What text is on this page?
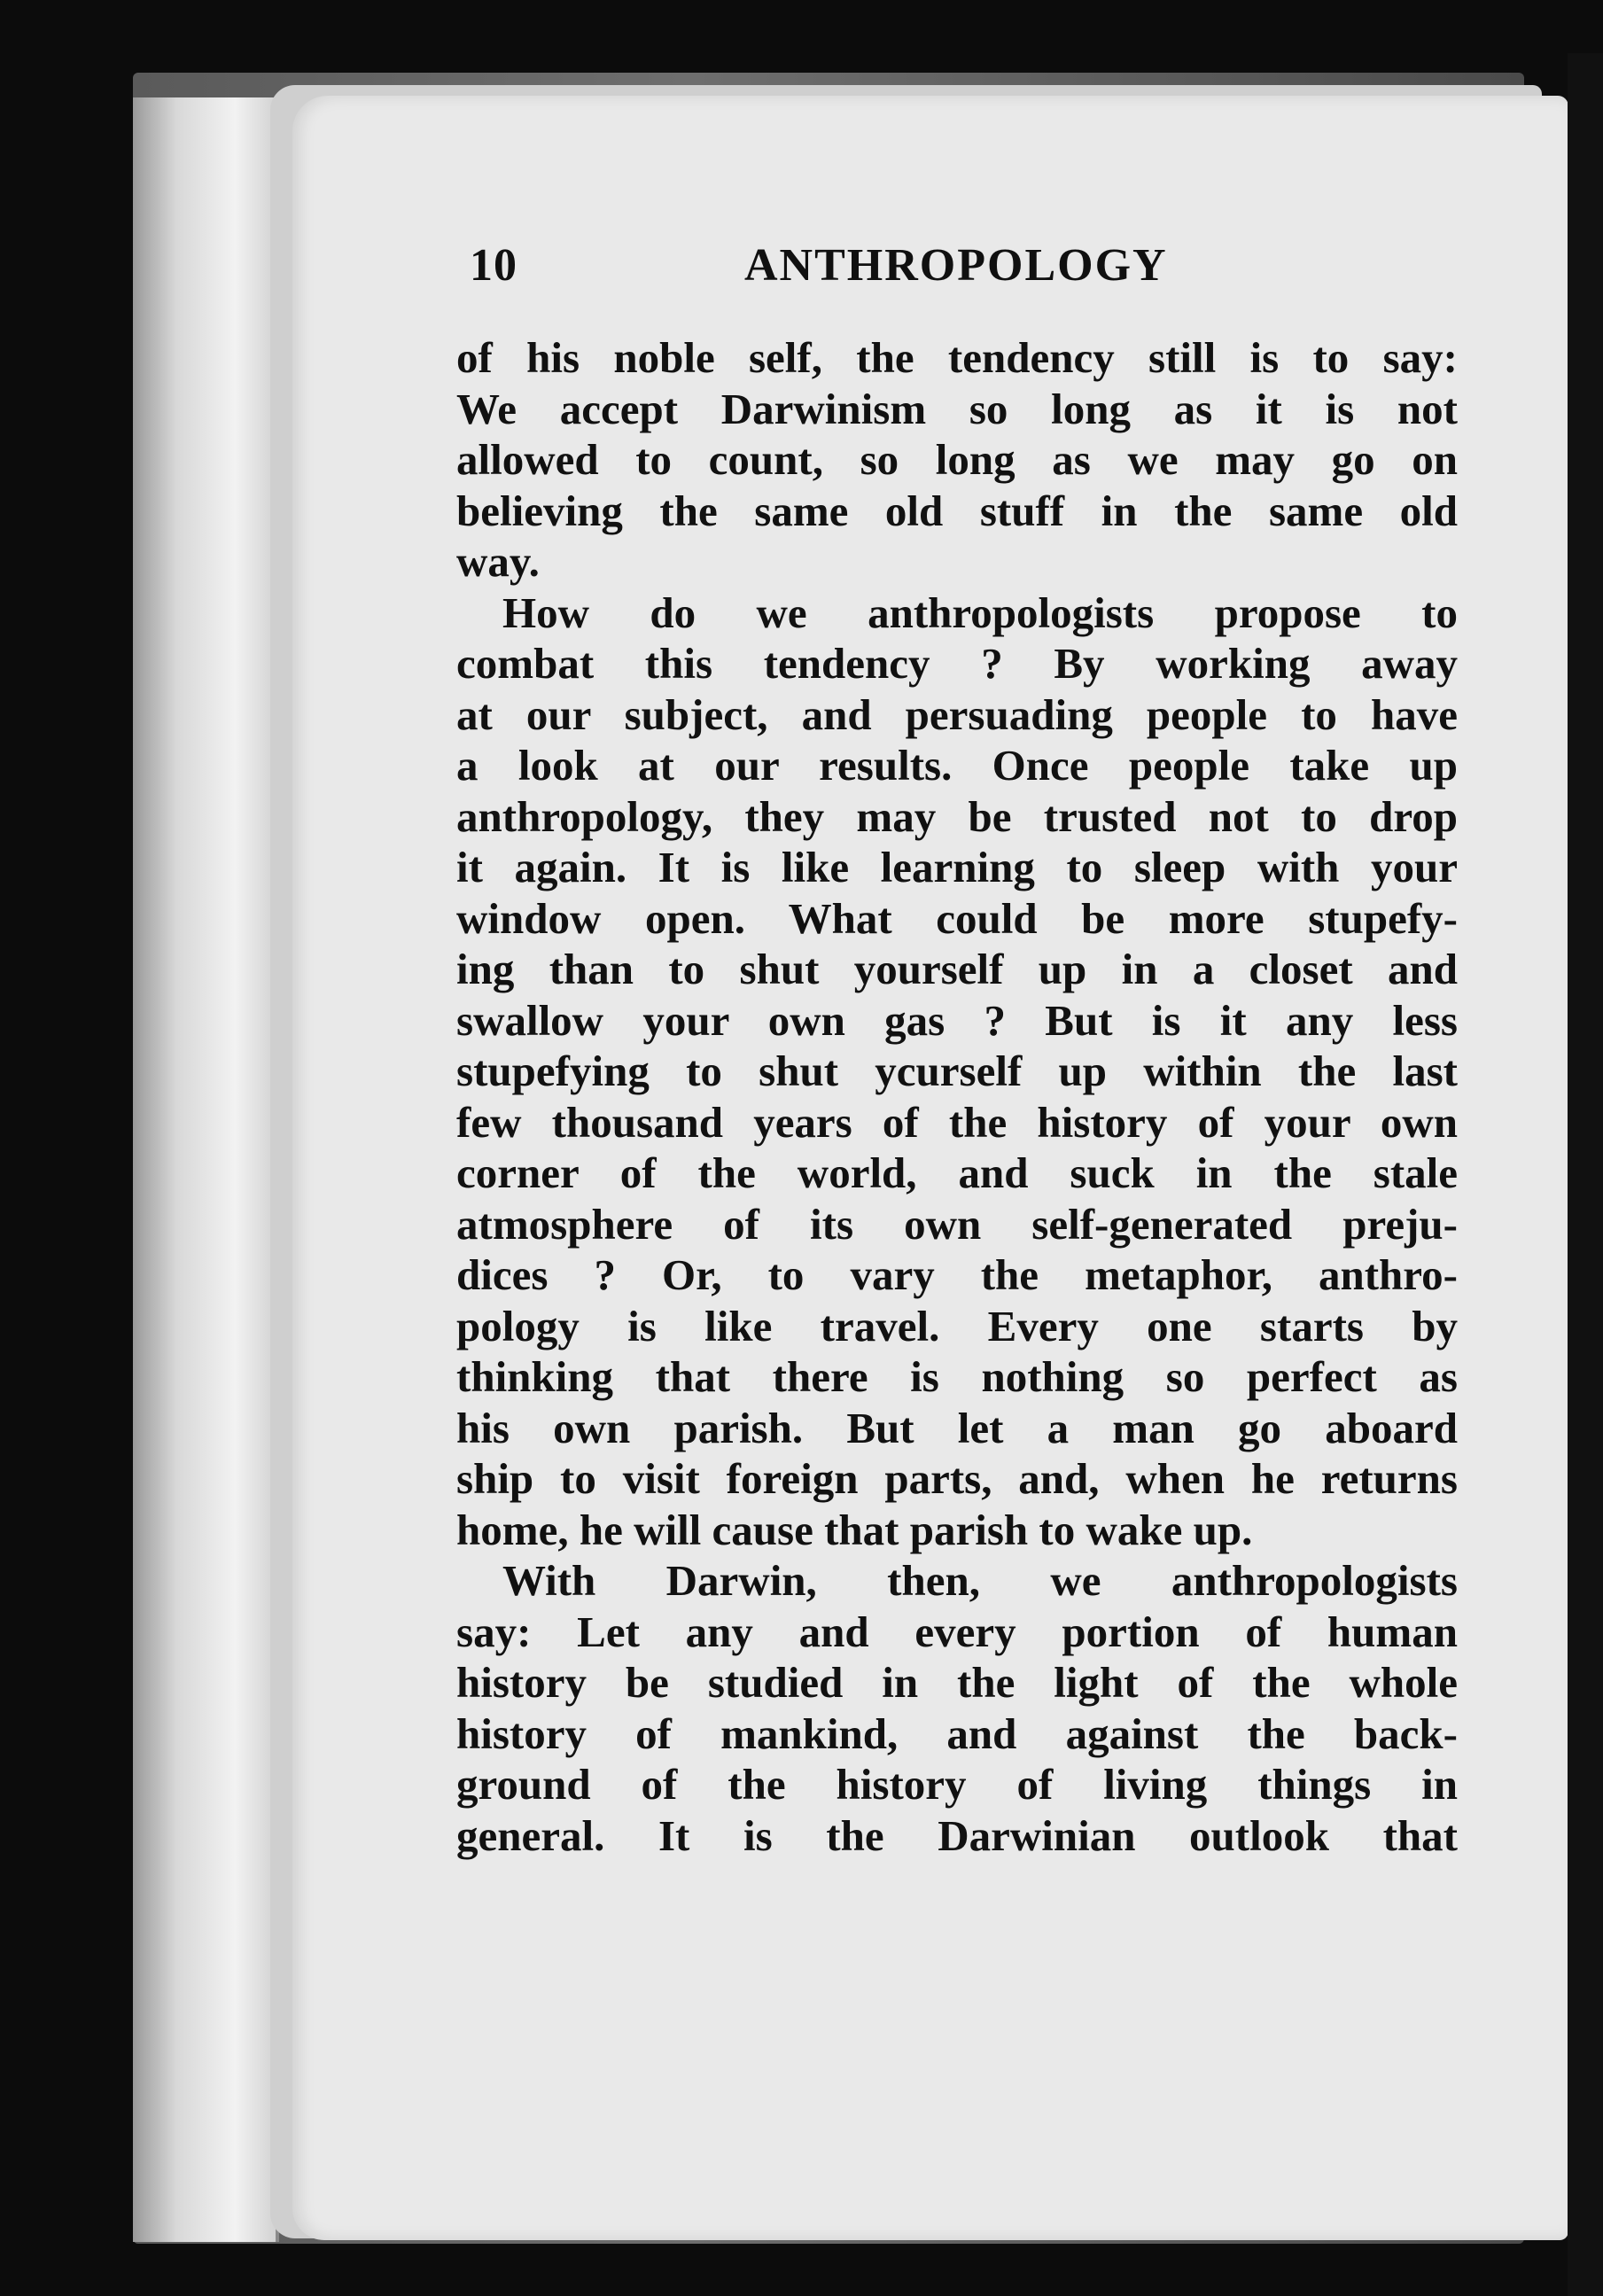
10	ANTHROPOLOGY
of his noble self, the tendency still is to say:
We accept Darwinism so long as it is not
allowed to count, so long as we may go on
believing the same old stuff in the same old
way.
How do we anthropologists propose to
combat this tendency ? By working away
at our subject, and persuading people to have
a look at our results. Once people take up
anthropology, they may be trusted not to drop
it again. It is like learning to sleep with your
window open. What could be more stupefy-
ing than to shut yourself up in a closet and
swallow your own gas ? But is it any less
stupefying to shut ycurself up within the last
few thousand years of the history of your own
corner of the world, and suck in the stale
atmosphere of its own self-generated preju-
dices ? Or, to vary the metaphor, anthro-
pology is like travel. Every one starts by
thinking that there is nothing so perfect as
his own parish. But let a man go aboard
ship to visit foreign parts, and, when he returns
home, he will cause that parish to wake up.
With Darwin, then, we anthropologists
say: Let any and every portion of human
history be studied in the light of the whole
history of mankind, and against the back-
ground of the history of living things in
general. It is the Darwinian outlook that
